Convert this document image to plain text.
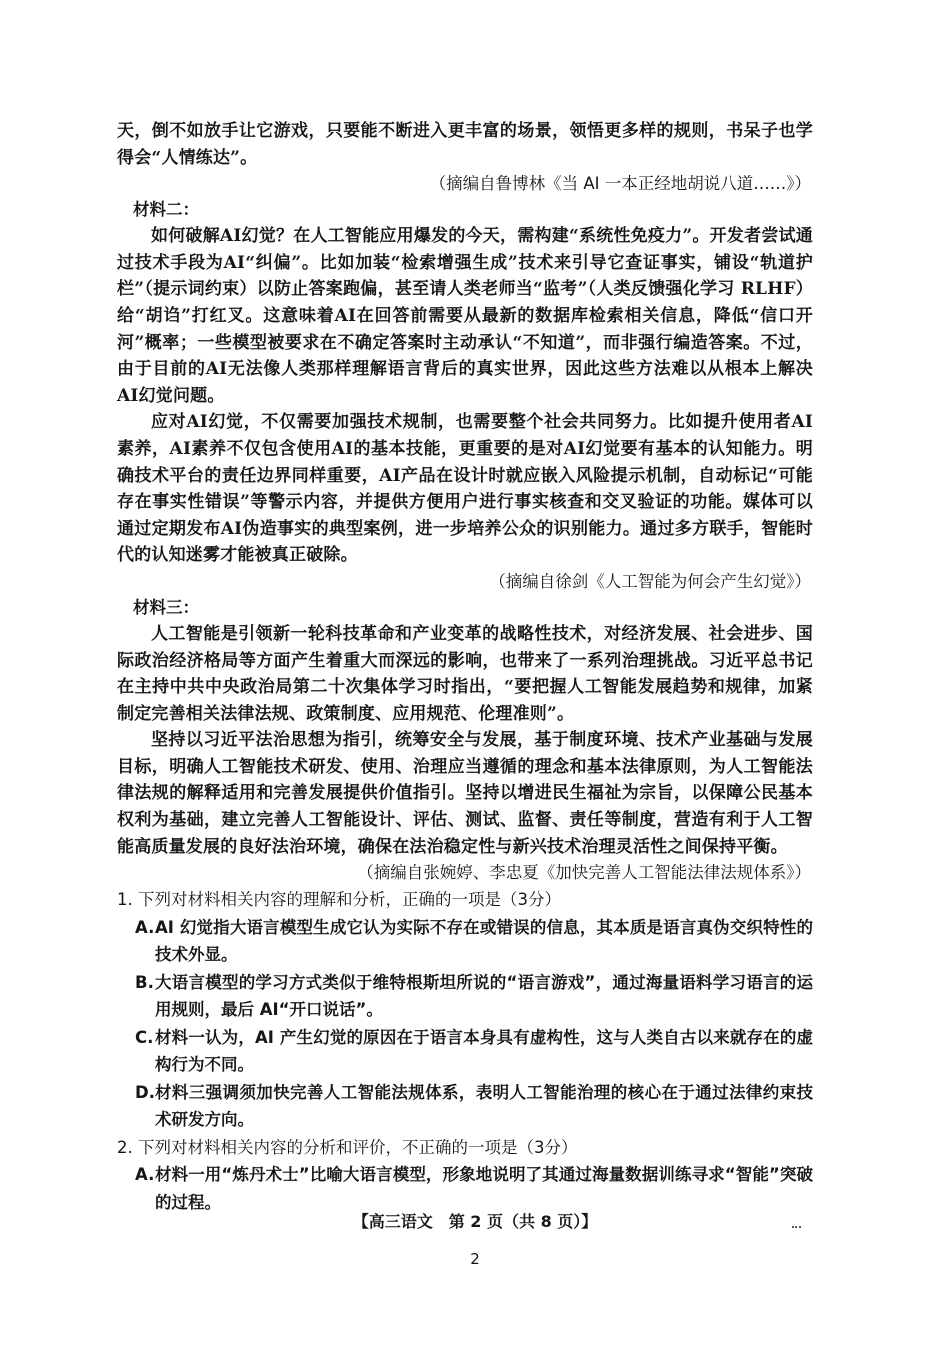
天，倒不如放手让它游戏，只要能不断进入更丰富的场景，领悟更多样的规则，书呆子也学得会“人情练达”。

（摘编自鲁博林《当 AI 一本正经地胡说八道……》）

材料二：

如何破解AI幻觉？在人工智能应用爆发的今天，需构建“系统性免疫力”。开发者尝试通过技术手段为AI“纠偏”。比如加装“检索增强生成”技术来引导它查证事实，铺设“轨道护栏”（提示词约束）以防止答案跑偏，甚至请人类老师当“监考”（人类反馈强化学习 RLHF）给“胡诌”打红叉。这意味着AI在回答前需要从最新的数据库检索相关信息，降低“信口开河”概率；一些模型被要求在不确定答案时主动承认“不知道”，而非强行编造答案。不过，由于目前的AI无法像人类那样理解语言背后的真实世界，因此这些方法难以从根本上解决AI幻觉问题。

应对AI幻觉，不仅需要加强技术规制，也需要整个社会共同努力。比如提升使用者AI素养，AI素养不仅包含使用AI的基本技能，更重要的是对AI幻觉要有基本的认知能力。明确技术平台的责任边界同样重要，AI产品在设计时就应嵌入风险提示机制，自动标记“可能存在事实性错误”等警示内容，并提供方便用户进行事实核查和交叉验证的功能。媒体可以通过定期发布AI伪造事实的典型案例，进一步培养公众的识别能力。通过多方联手，智能时代的认知迷雾才能被真正破除。

（摘编自徐剑《人工智能为何会产生幻觉》）

材料三：

人工智能是引领新一轮科技革命和产业变革的战略性技术，对经济发展、社会进步、国际政治经济格局等方面产生着重大而深远的影响，也带来了一系列治理挑战。习近平总书记在主持中共中央政治局第二十次集体学习时指出，“要把握人工智能发展趋势和规律，加紧制定完善相关法律法规、政策制度、应用规范、伦理准则”。

坚持以习近平法治思想为指引，统筹安全与发展，基于制度环境、技术产业基础与发展目标，明确人工智能技术研发、使用、治理应当遵循的理念和基本法律原则，为人工智能法律法规的解释适用和完善发展提供价值指引。坚持以增进民生福祉为宗旨，以保障公民基本权利为基础，建立完善人工智能设计、评估、测试、监督、责任等制度，营造有利于人工智能高质量发展的良好法治环境，确保在法治稳定性与新兴技术治理灵活性之间保持平衡。

（摘编自张婉婷、李忠夏《加快完善人工智能法律法规体系》）

1. 下列对材料相关内容的理解和分析，正确的一项是（3分）

A. AI 幻觉指大语言模型生成它认为实际不存在或错误的信息，其本质是语言真伪交织特性的技术外显。
B. 大语言模型的学习方式类似于维特根斯坦所说的“语言游戏”，通过海量语料学习语言的运用规则，最后 AI“开口说话”。
C. 材料一认为，AI 产生幻觉的原因在于语言本身具有虚构性，这与人类自古以来就存在的虚构行为不同。
D. 材料三强调须加快完善人工智能法规体系，表明人工智能治理的核心在于通过法律约束技术研发方向。

2. 下列对材料相关内容的分析和评价，不正确的一项是（3分）

A. 材料一用“炼丹术士”比喻大语言模型，形象地说明了其通过海量数据训练寻求“智能”突破的过程。
【高三语文　第 2 页（共 8 页）】
2
